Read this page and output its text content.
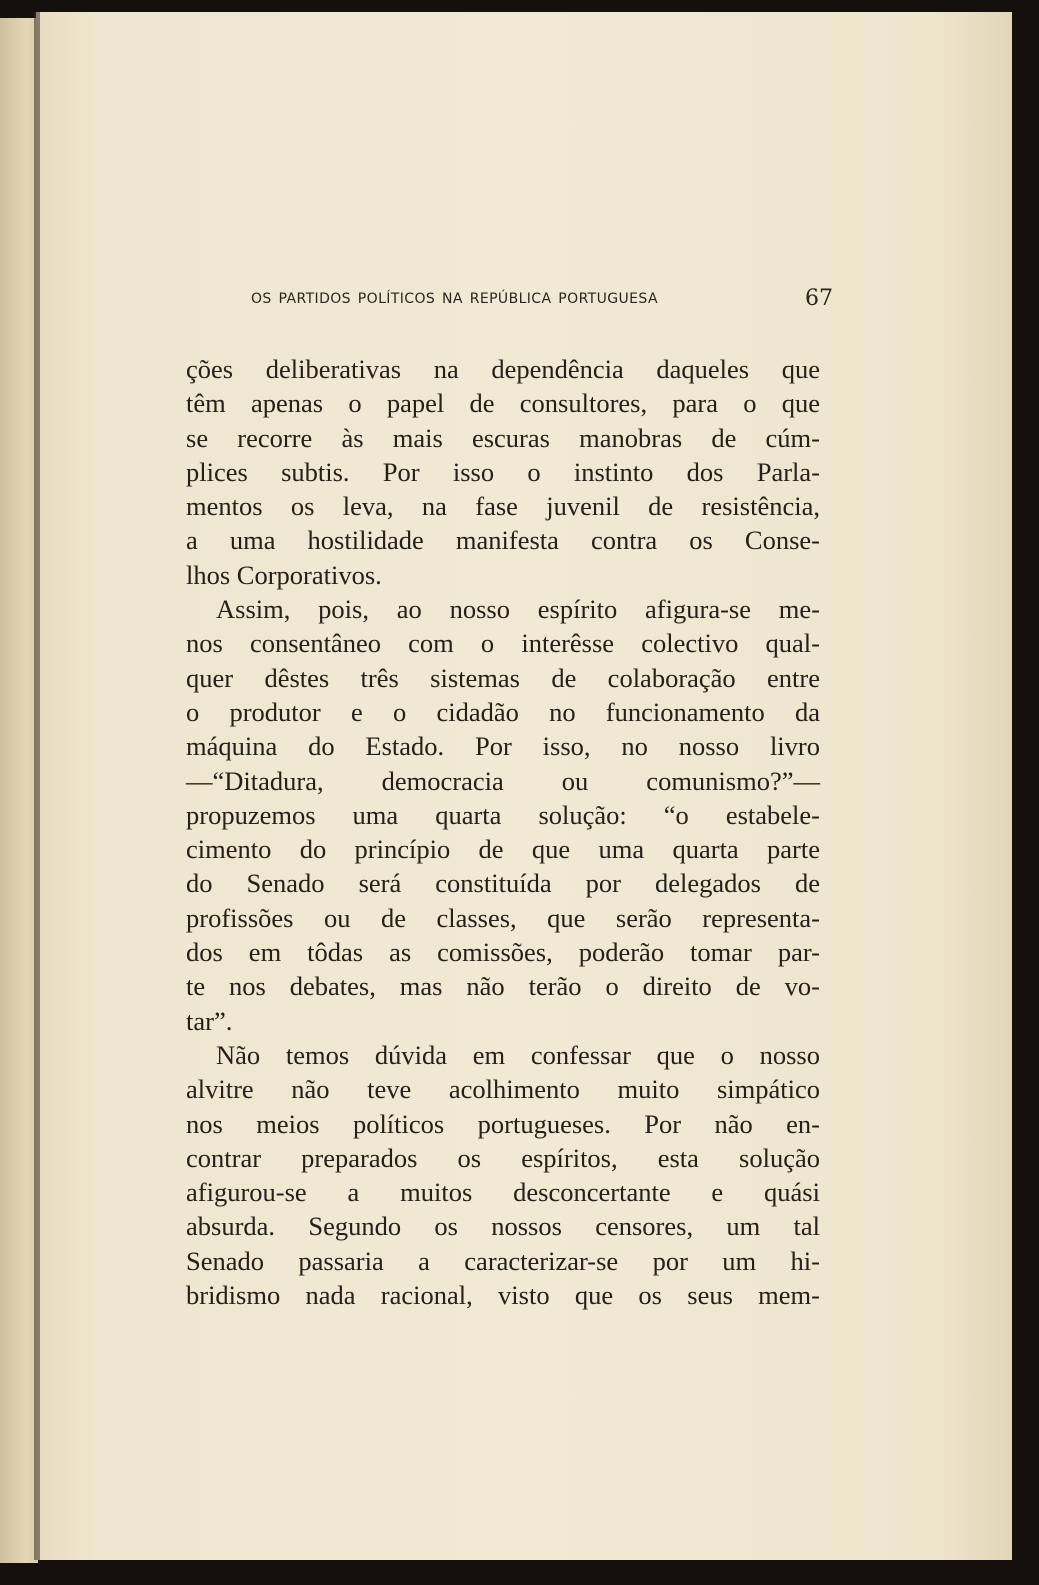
OS PARTIDOS POLÍTICOS NA REPÚBLICA PORTUGUESA	67
ções deliberativas na dependência daqueles que
têm apenas o papel de consultores, para o que
se recorre às mais escuras manobras de cúm-
plices subtis. Por isso o instinto dos Parla-
mentos os leva, na fase juvenil de resistência,
a uma hostilidade manifesta contra os Conse-
lhos Corporativos.
Assim, pois, ao nosso espírito afigura-se me-
nos consentâneo com o interêsse colectivo qual-
quer dêstes três sistemas de colaboração entre
o produtor e o cidadão no funcionamento da
máquina do Estado. Por isso, no nosso livro
—“Ditadura, democracia ou comunismo?”—
propuzemos uma quarta solução: “o estabele-
cimento do princípio de que uma quarta parte
do Senado será constituída por delegados de
profissões ou de classes, que serão representa-
dos em tôdas as comissões, poderão tomar par-
te nos debates, mas não terão o direito de vo-
tar”.
Não temos dúvida em confessar que o nosso
alvitre não teve acolhimento muito simpático
nos meios políticos portugueses. Por não en-
contrar preparados os espíritos, esta solução
afigurou-se a muitos desconcertante e quási
absurda. Segundo os nossos censores, um tal
Senado passaria a caracterizar-se por um hi-
bridismo nada racional, visto que os seus mem-
